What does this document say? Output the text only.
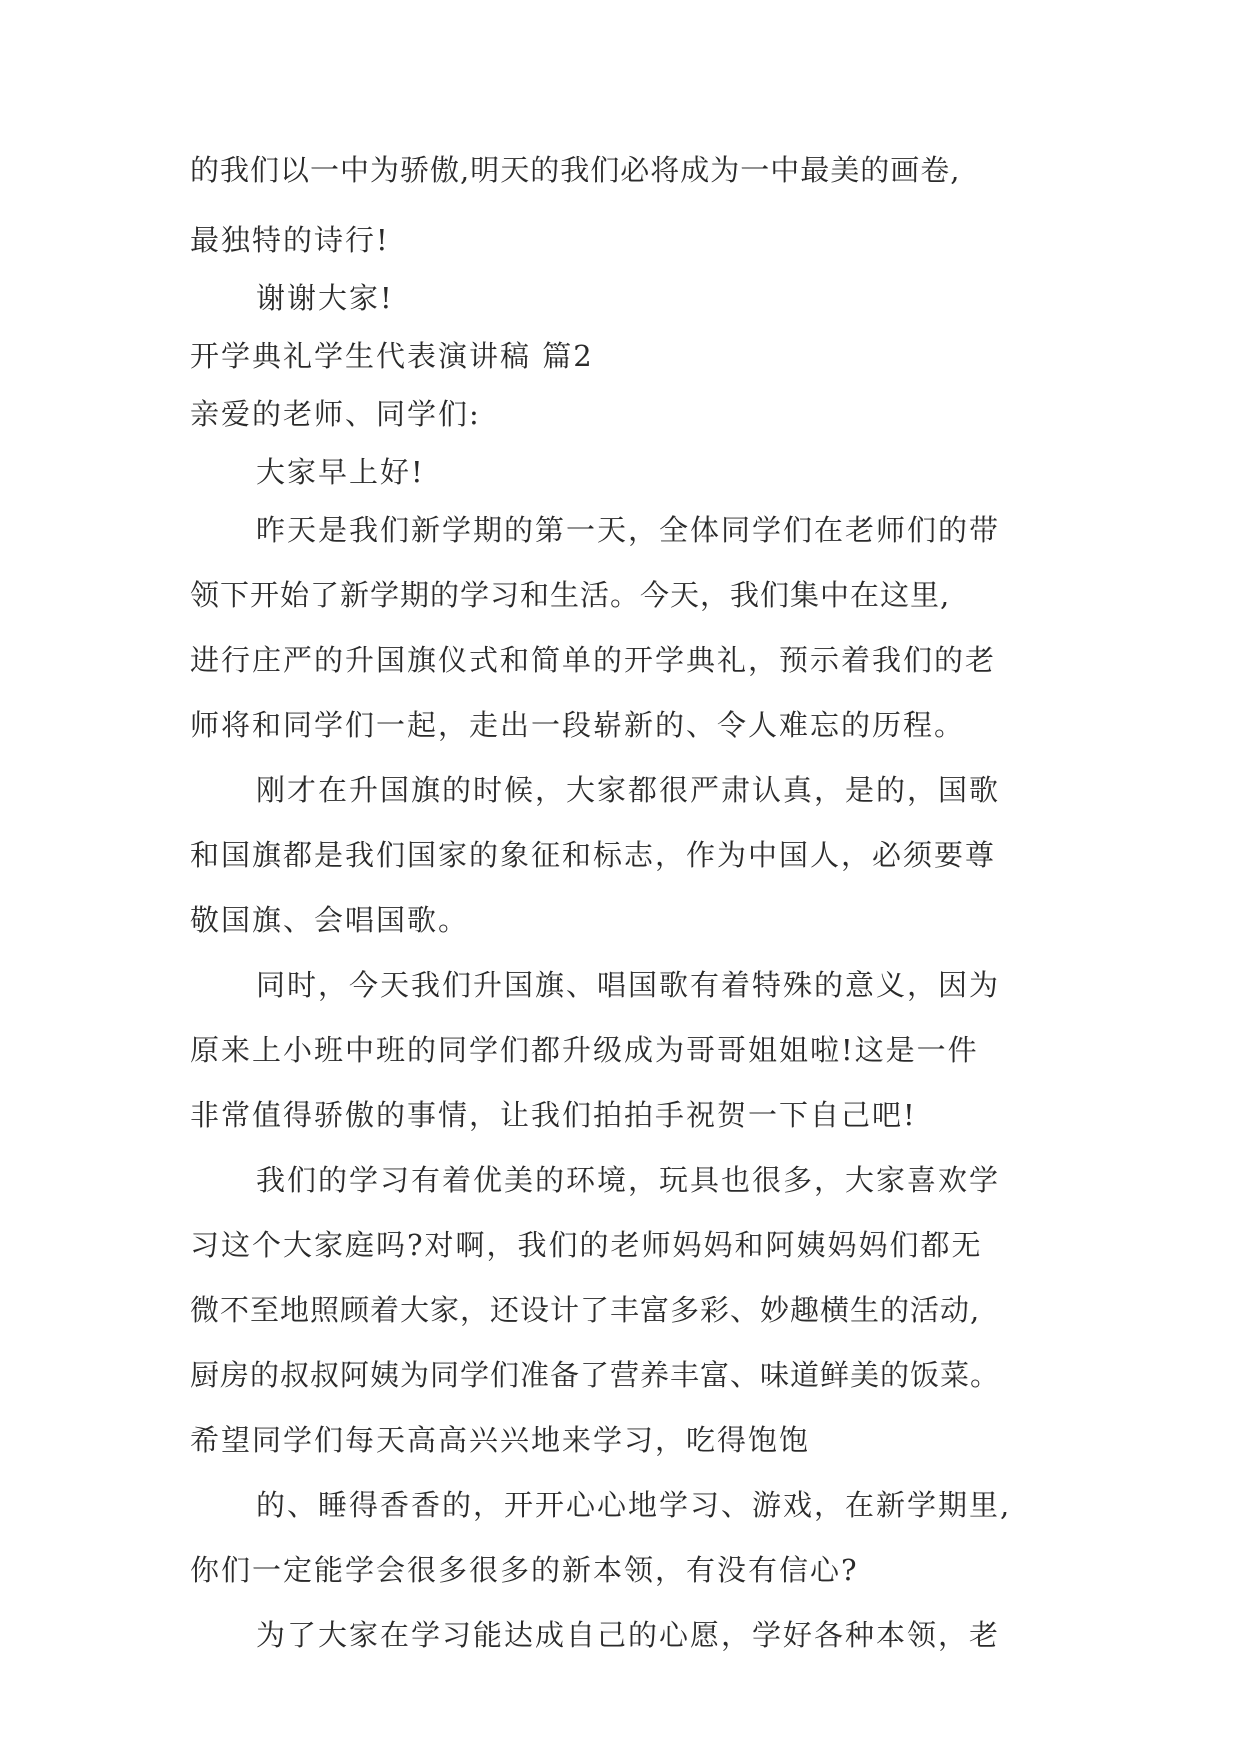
的我们以一中为骄傲,明天的我们必将成为一中最美的画卷,
最独特的诗行!
谢谢大家!
开学典礼学生代表演讲稿 篇2
亲爱的老师、同学们:
大家早上好!
昨天是我们新学期的第一天，全体同学们在老师们的带
领下开始了新学期的学习和生活。今天，我们集中在这里,
进行庄严的升国旗仪式和简单的开学典礼，预示着我们的老
师将和同学们一起，走出一段崭新的、令人难忘的历程。
刚才在升国旗的时候，大家都很严肃认真，是的，国歌
和国旗都是我们国家的象征和标志，作为中国人，必须要尊
敬国旗、会唱国歌。
同时，今天我们升国旗、唱国歌有着特殊的意义，因为
原来上小班中班的同学们都升级成为哥哥姐姐啦!这是一件
非常值得骄傲的事情，让我们拍拍手祝贺一下自己吧!
我们的学习有着优美的环境，玩具也很多，大家喜欢学
习这个大家庭吗?对啊，我们的老师妈妈和阿姨妈妈们都无
微不至地照顾着大家，还设计了丰富多彩、妙趣横生的活动,
厨房的叔叔阿姨为同学们准备了营养丰富、味道鲜美的饭菜。
希望同学们每天高高兴兴地来学习，吃得饱饱
的、睡得香香的，开开心心地学习、游戏，在新学期里,
你们一定能学会很多很多的新本领，有没有信心?
为了大家在学习能达成自己的心愿，学好各种本领，老
